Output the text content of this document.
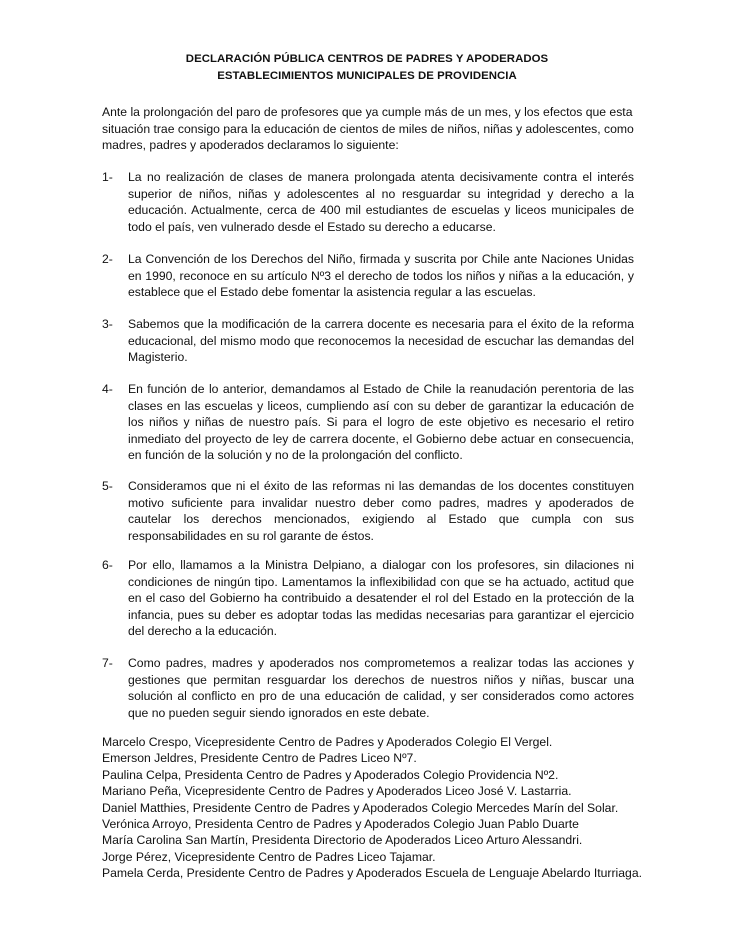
DECLARACIÓN PÚBLICA CENTROS DE PADRES Y APODERADOS
ESTABLECIMIENTOS MUNICIPALES DE PROVIDENCIA

Ante la prolongación del paro de profesores que ya cumple más de un mes, y los efectos que esta situación trae consigo para la educación de cientos de miles de niños, niñas y adolescentes, como madres, padres y apoderados declaramos lo siguiente:

1-	La no realización de clases de manera prolongada atenta decisivamente contra el interés superior de niños, niñas y adolescentes al no resguardar su integridad y derecho a la educación. Actualmente, cerca de 400 mil estudiantes de escuelas y liceos municipales de todo el país, ven vulnerado desde el Estado su derecho a educarse.
2-	La Convención de los Derechos del Niño, firmada y suscrita por Chile ante Naciones Unidas en 1990, reconoce en su artículo Nº3 el derecho de todos los niños y niñas a la educación, y establece que el Estado debe fomentar la asistencia regular a las escuelas.
3-	Sabemos que la modificación de la carrera docente es necesaria para el éxito de la reforma educacional, del mismo modo que reconocemos la necesidad de escuchar las demandas del Magisterio.
4-	En función de lo anterior, demandamos al Estado de Chile la reanudación perentoria de las clases en las escuelas y liceos, cumpliendo así con su deber de garantizar la educación de los niños y niñas de nuestro país. Si para el logro de este objetivo es necesario el retiro inmediato del proyecto de ley de carrera docente, el Gobierno debe actuar en consecuencia, en función de la solución y no de la prolongación del conflicto.
5-	Consideramos que ni el éxito de las reformas ni las demandas de los docentes constituyen motivo suficiente para invalidar nuestro deber como padres, madres y apoderados de cautelar los derechos mencionados, exigiendo al Estado que cumpla con sus responsabilidades en su rol garante de éstos.
6-	Por ello, llamamos a la Ministra Delpiano, a dialogar con los profesores, sin dilaciones ni condiciones de ningún tipo. Lamentamos la inflexibilidad con que se ha actuado, actitud que en el caso del Gobierno ha contribuido a desatender el rol del Estado en la protección de la infancia, pues su deber es adoptar todas las medidas necesarias para garantizar el ejercicio del derecho a la educación.
7-	Como padres, madres y apoderados nos comprometemos a realizar todas las acciones y gestiones que permitan resguardar los derechos de nuestros niños y niñas, buscar una solución al conflicto en pro de una educación de calidad, y ser considerados como actores que no pueden seguir siendo ignorados en este debate.
Marcelo Crespo, Vicepresidente Centro de Padres y Apoderados Colegio El Vergel.
Emerson Jeldres, Presidente Centro de Padres Liceo Nº7.
Paulina Celpa, Presidenta Centro de Padres y Apoderados Colegio Providencia Nº2.
Mariano Peña, Vicepresidente Centro de Padres y Apoderados Liceo José V. Lastarria.
Daniel Matthies, Presidente Centro de Padres y Apoderados Colegio Mercedes Marín del Solar.
Verónica Arroyo, Presidenta Centro de Padres y Apoderados Colegio Juan Pablo Duarte
María Carolina San Martín, Presidenta Directorio de Apoderados Liceo Arturo Alessandri.
Jorge Pérez, Vicepresidente Centro de Padres Liceo Tajamar.
Pamela Cerda, Presidente Centro de Padres y Apoderados Escuela de Lenguaje Abelardo Iturriaga.
